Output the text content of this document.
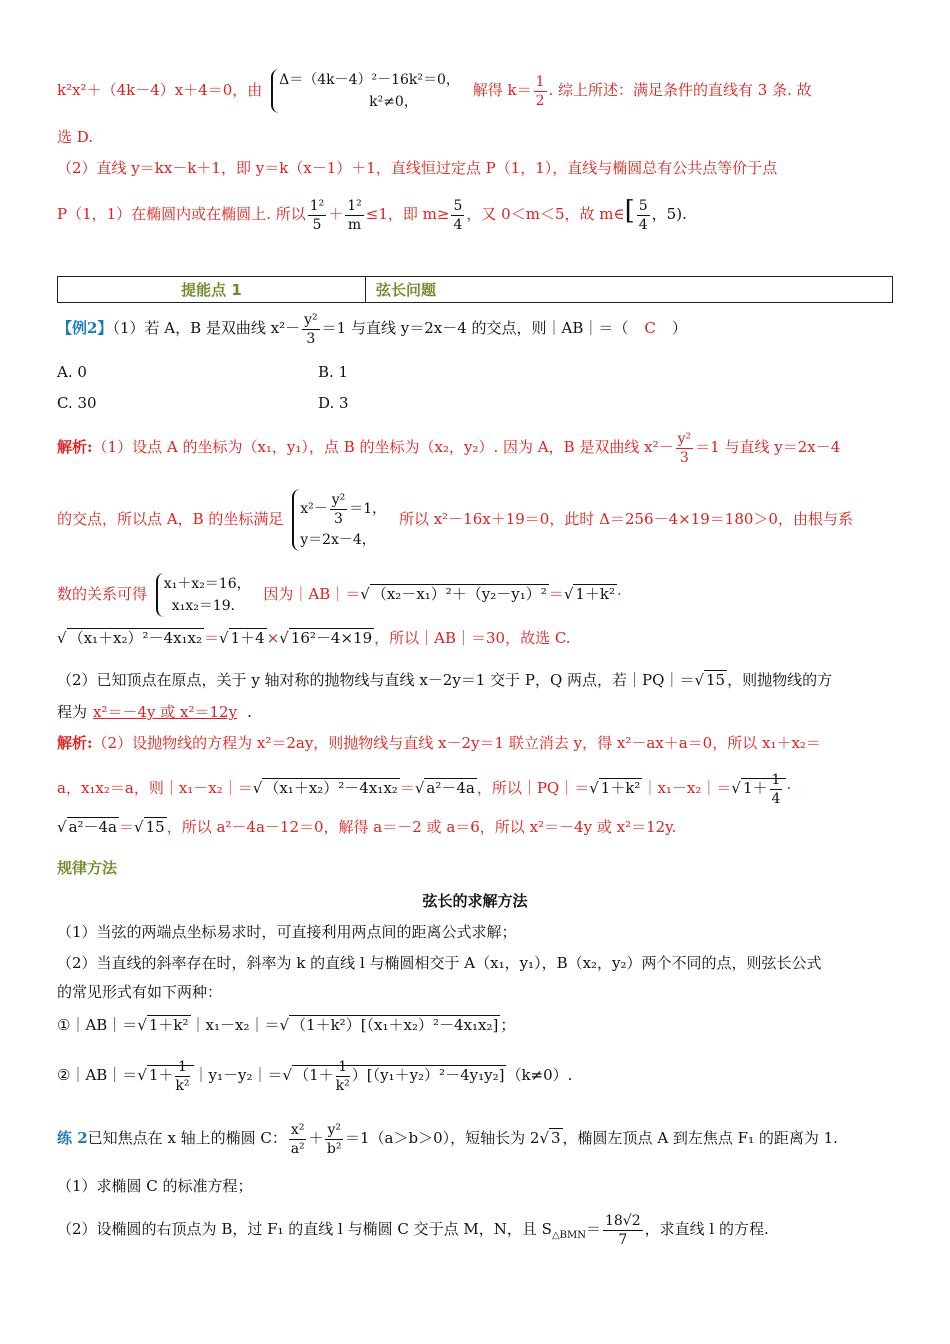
k²x²＋（4k－4）x＋4＝0，由
Δ＝（4k－4）²－16k²＝0，
k²≠0，
解得 $k= \frac{1}{2}$ . 综上所述：满足条件的直线有 3 条. 故
选 D.
（2）直线 y＝kx－k＋1，即 y＝k（x－1）＋1，直线恒过定点 P（1，1），直线与椭圆总有公共点等价于点
P（1，1）在椭圆内或在椭圆上. 所以 $\frac{\text{1²}}{5} + \frac{\text{1²}}{m} \le 1$，即 $m\ge \frac{5}{4}$ ，又 0＜m＜5，故 m∈[ $\frac{5}{4}$ ，5).
提能点 1	弦长问题
【例2】（1）若 A，B 是双曲线 $x^2- \frac{\text{y²}}{3} =1$ 与直线 y＝2x－4 的交点，则｜AB｜＝（ C ）
A. 0	B. 1
C. 30	D. 3
解析:（1）设点 A 的坐标为（x₁，y₁），点 B 的坐标为（x₂，y₂）. 因为 A，B 是双曲线 $x^2- \frac{\text{y²}}{3} =1$ 与直线 y＝2x－4
的交点，所以点 A，B 的坐标满足
$x^2- \frac{\text{y²}}{3} =1$，
y＝2x－4，
所以 x²－16x＋19＝0，此时 Δ＝256－4×19＝180＞0，由根与系
数的关系可得
x₁＋x₂＝16，
x₁x₂＝19.
因为｜AB｜＝√ （x₂－x₁）²＋（y₂－y₁）² ＝√ 1＋k² ·
√ （x₁＋x₂）²－4x₁x₂ ＝√ 1＋4 ×√ 16²－4×19 ，所以｜AB｜＝30，故选 C.
（2）已知顶点在原点，关于 y 轴对称的抛物线与直线 x－2y＝1 交于 P，Q 两点，若｜PQ｜＝√ 15 ，则抛物线的方
程为 x²＝－4y 或 x²＝12y .
解析:（2）设抛物线的方程为 x²＝2ay，则抛物线与直线 x－2y＝1 联立消去 y，得 x²－ax＋a＝0，所以 x₁＋x₂＝
a，x₁x₂＝a，则｜x₁－x₂｜＝√ （x₁＋x₂）²－4x₁x₂ ＝√ a²－4a ，所以｜PQ｜＝√ 1＋k² ｜x₁－x₂｜＝√ $1+ \frac{1}{4}$ ·
√ a²－4a ＝√ 15 ，所以 a²－4a－12＝0，解得 a＝－2 或 a＝6，所以 x²＝－4y 或 x²＝12y.
规律方法
弦长的求解方法
（1）当弦的两端点坐标易求时，可直接利用两点间的距离公式求解；
（2）当直线的斜率存在时，斜率为 k 的直线 l 与椭圆相交于 A（x₁，y₁），B（x₂，y₂）两个不同的点，则弦长公式
的常见形式有如下两种：
①｜AB｜＝√ 1＋k² ｜x₁－x₂｜＝√ （1＋k²）[（x₁＋x₂）²－4x₁x₂] ；
②｜AB｜＝√ $1+ \frac{1}{\text{k²}}$ ｜y₁－y₂｜＝√ $(1+ \frac{1}{\text{k²}} )[(y_1+y_2)^2-4y_1y_2]$ （k≠0）.
练 2已知焦点在 x 轴上的椭圆 C： $\frac{\text{x²}}{\text{a²}} + \frac{\text{y²}}{\text{b²}} =1(a>b>0)$，短轴长为 2√ 3 ，椭圆左顶点 A 到左焦点 F₁ 的距离为 1.
（1）求椭圆 C 的标准方程；
（2）设椭圆的右顶点为 B，过 F₁ 的直线 l 与椭圆 C 交于点 M，N，且 $S_{\triangle BMN}= \frac{18√2}{7}$ ，求直线 l 的方程.
